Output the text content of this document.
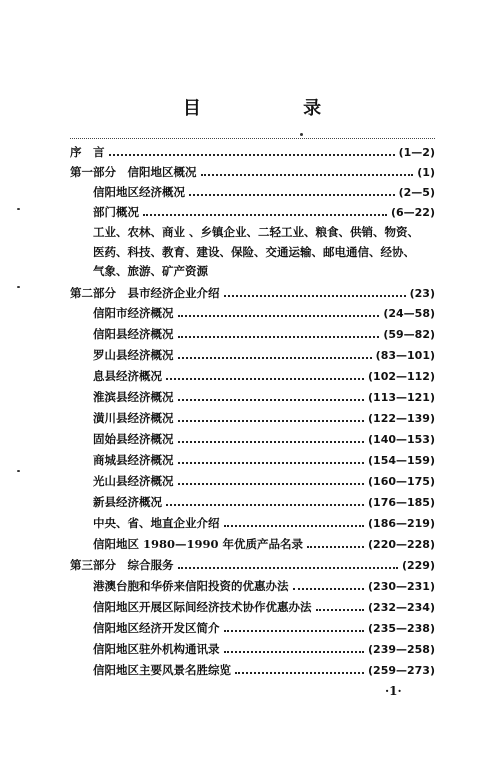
目 录
序　言	(1—2)
第一部分　信阳地区概况	(1)
信阳地区经济概况	(2—5)
部门概况	(6—22)
工业、农林、商业 、乡镇企业、二轻工业、粮食、供销、物资、医药、科技、教育、建设、保险、交通运输、邮电通信、经协、气象、旅游、矿产资源
第二部分　县市经济企业介绍	(23)
信阳市经济概况	(24—58)
信阳县经济概况	(59—82)
罗山县经济概况	(83—101)
息县经济概况	(102—112)
淮滨县经济概况	(113—121)
潢川县经济概况	(122—139)
固始县经济概况	(140—153)
商城县经济概况	(154—159)
光山县经济概况	(160—175)
新县经济概况	(176—185)
中央、省、地直企业介绍	(186—219)
信阳地区 1980—1990 年优质产品名录	(220—228)
第三部分　综合服务	(229)
港澳台胞和华侨来信阳投资的优惠办法	(230—231)
信阳地区开展区际间经济技术协作优惠办法	(232—234)
信阳地区经济开发区简介	(235—238)
信阳地区驻外机构通讯录	(239—258)
信阳地区主要风景名胜综览	(259—273)
·1·
